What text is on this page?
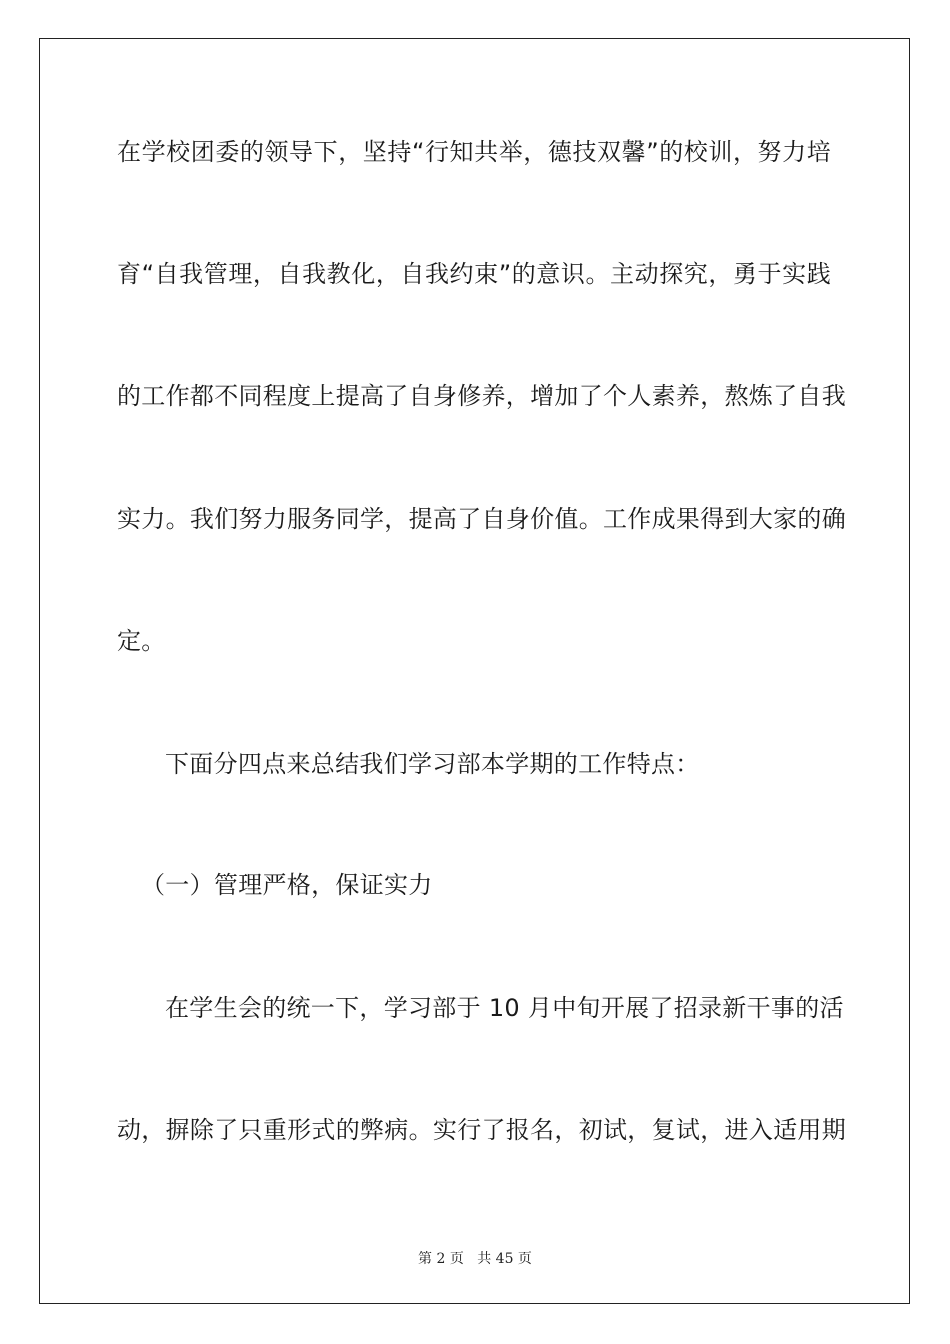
在学校团委的领导下，坚持“行知共举，德技双馨”的校训，努力培
育“自我管理，自我教化，自我约束”的意识。主动探究，勇于实践
的工作都不同程度上提高了自身修养，增加了个人素养，熬炼了自我
实力。我们努力服务同学，提高了自身价值。工作成果得到大家的确
定。
下面分四点来总结我们学习部本学期的工作特点：
（一）管理严格，保证实力
在学生会的统一下，学习部于 10 月中旬开展了招录新干事的活
动，摒除了只重形式的弊病。实行了报名，初试，复试，进入适用期
第 2 页 共 45 页
